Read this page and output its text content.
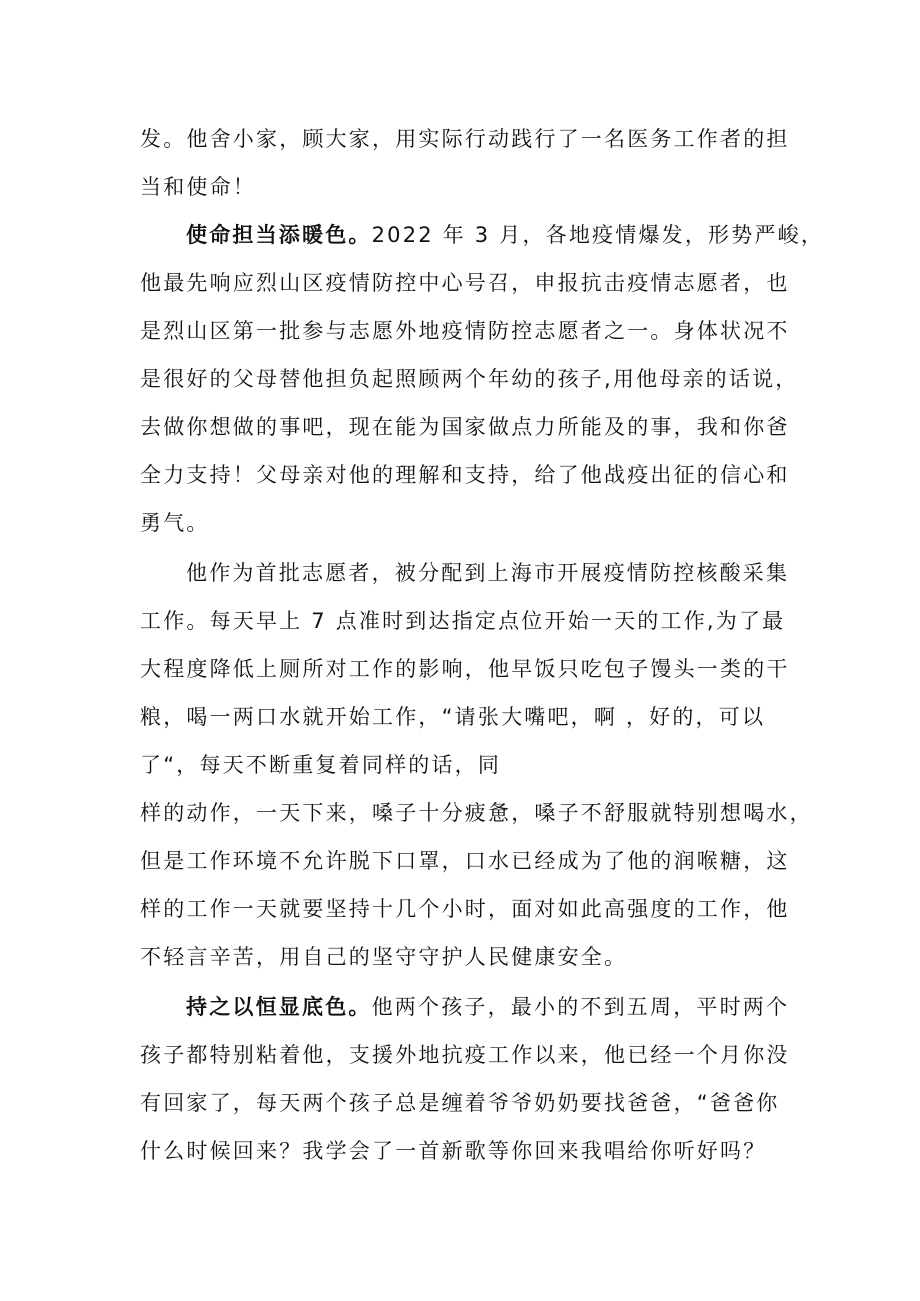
发。他舍小家，顾大家，用实际行动践行了一名医务工作者的担
当和使命！
使命担当添暖色。2022 年 3 月，各地疫情爆发，形势严峻，
他最先响应烈山区疫情防控中心号召，申报抗击疫情志愿者，也
是烈山区第一批参与志愿外地疫情防控志愿者之一。身体状况不
是很好的父母替他担负起照顾两个年幼的孩子,用他母亲的话说，
去做你想做的事吧，现在能为国家做点力所能及的事，我和你爸
全力支持！父母亲对他的理解和支持，给了他战疫出征的信心和
勇气。
他作为首批志愿者，被分配到上海市开展疫情防控核酸采集
工作。每天早上 7 点准时到达指定点位开始一天的工作,为了最
大程度降低上厕所对工作的影响，他早饭只吃包子馒头一类的干
粮，喝一两口水就开始工作，“请张大嘴吧，啊 ，好的，可以
了“，每天不断重复着同样的话，同
样的动作，一天下来，嗓子十分疲惫，嗓子不舒服就特别想喝水，
但是工作环境不允许脱下口罩，口水已经成为了他的润喉糖，这
样的工作一天就要坚持十几个小时，面对如此高强度的工作，他
不轻言辛苦，用自己的坚守守护人民健康安全。
持之以恒显底色。他两个孩子，最小的不到五周，平时两个
孩子都特别粘着他，支援外地抗疫工作以来，他已经一个月你没
有回家了，每天两个孩子总是缠着爷爷奶奶要找爸爸，“爸爸你
什么时候回来？我学会了一首新歌等你回来我唱给你听好吗？
